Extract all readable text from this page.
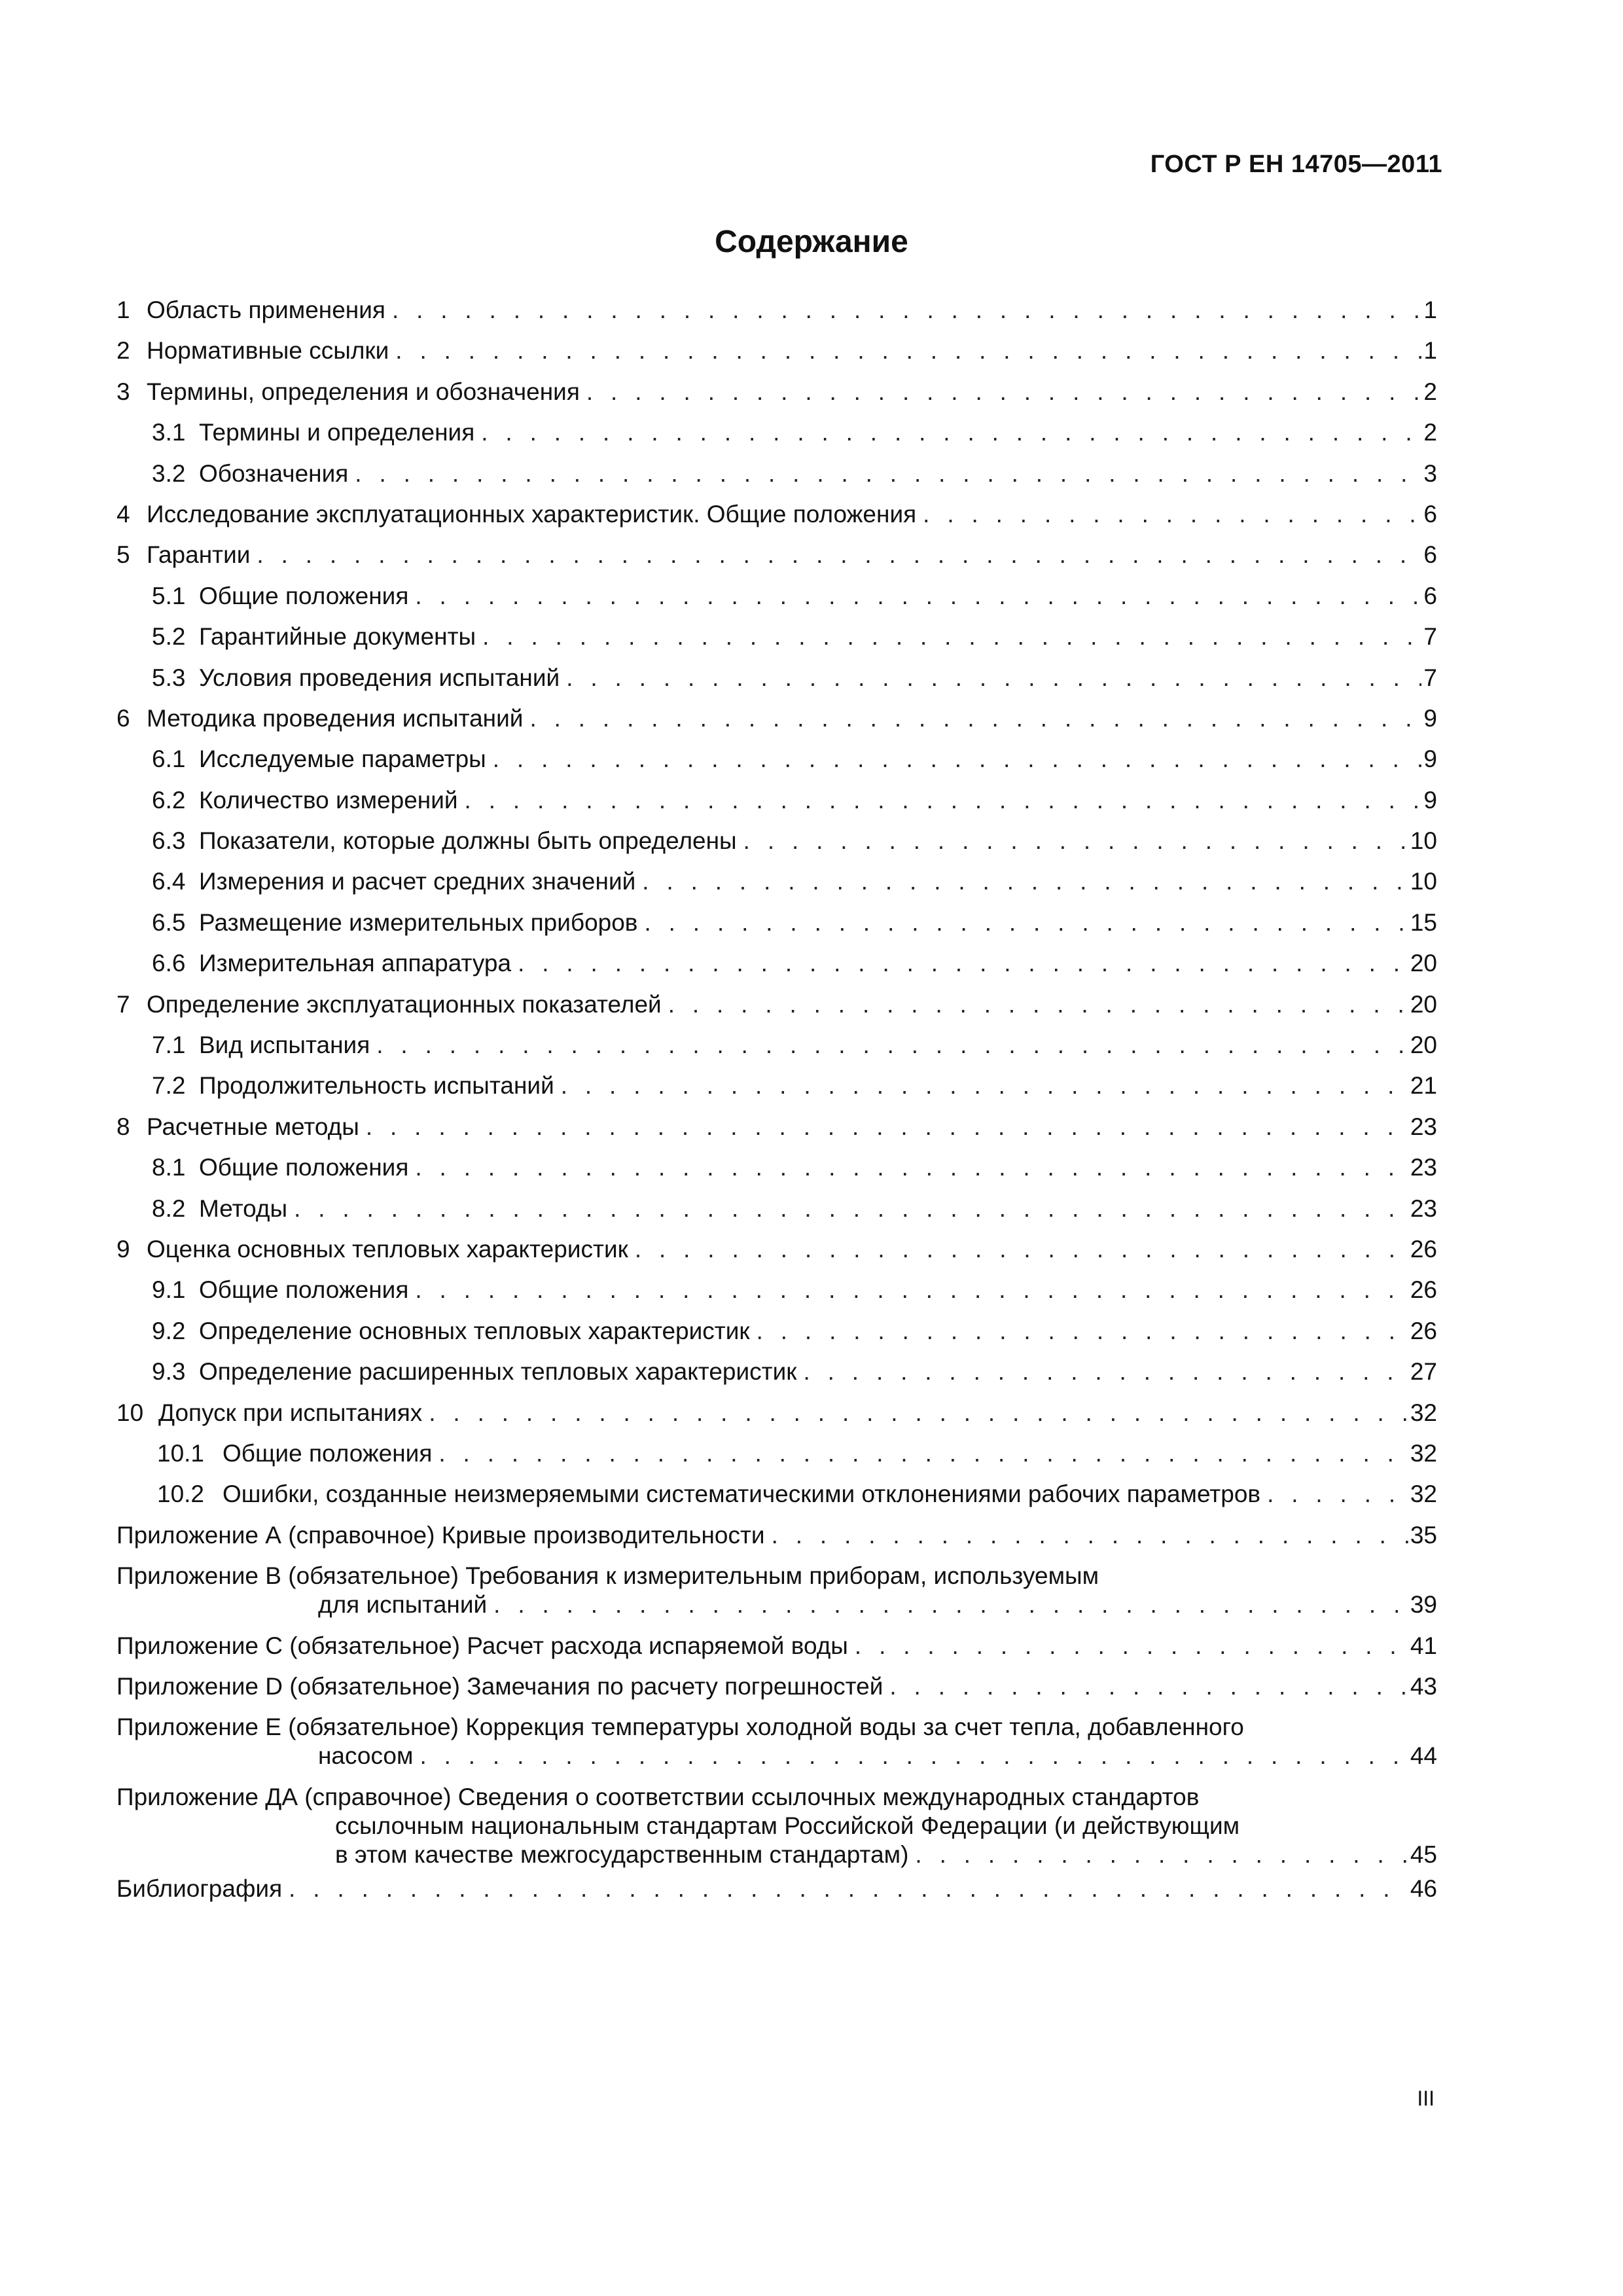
ГОСТ Р ЕН 14705—2011
Содержание
1 Область применения . . .	1
2 Нормативные ссылки . . .	1
3 Термины, определения и обозначения . . .	2
3.1 Термины и определения . . .	2
3.2 Обозначения . . .	3
4 Исследование эксплуатационных характеристик. Общие положения . . .	6
5 Гарантии . . .	6
5.1 Общие положения . . .	6
5.2 Гарантийные документы . . .	7
5.3 Условия проведения испытаний . . .	7
6 Методика проведения испытаний . . .	9
6.1 Исследуемые параметры . . .	9
6.2 Количество измерений . . .	9
6.3 Показатели, которые должны быть определены . . .	10
6.4 Измерения и расчет средних значений . . .	10
6.5 Размещение измерительных приборов . . .	15
6.6 Измерительная аппаратура . . .	20
7 Определение эксплуатационных показателей . . .	20
7.1 Вид испытания . . .	20
7.2 Продолжительность испытаний . . .	21
8 Расчетные методы . . .	23
8.1 Общие положения . . .	23
8.2 Методы . . .	23
9 Оценка основных тепловых характеристик . . .	26
9.1 Общие положения . . .	26
9.2 Определение основных тепловых характеристик . . .	26
9.3 Определение расширенных тепловых характеристик . . .	27
10 Допуск при испытаниях . . .	32
10.1 Общие положения . . .	32
10.2 Ошибки, созданные неизмеряемыми систематическими отклонениями рабочих параметров . . .	32
Приложение А (справочное) Кривые производительности . . .	35
Приложение В (обязательное) Требования к измерительным приборам, используемым
для испытаний . . .	39
Приложение С (обязательное) Расчет расхода испаряемой воды . . .	41
Приложение D (обязательное) Замечания по расчету погрешностей . . .	43
Приложение Е (обязательное) Коррекция температуры холодной воды за счет тепла, добавленного
насосом . . .	44
Приложение ДА (справочное) Сведения о соответствии ссылочных международных стандартов
ссылочным национальным стандартам Российской Федерации (и действующим
в этом качестве межгосударственным стандартам) . . .	45
Библиография . . .	46
III
